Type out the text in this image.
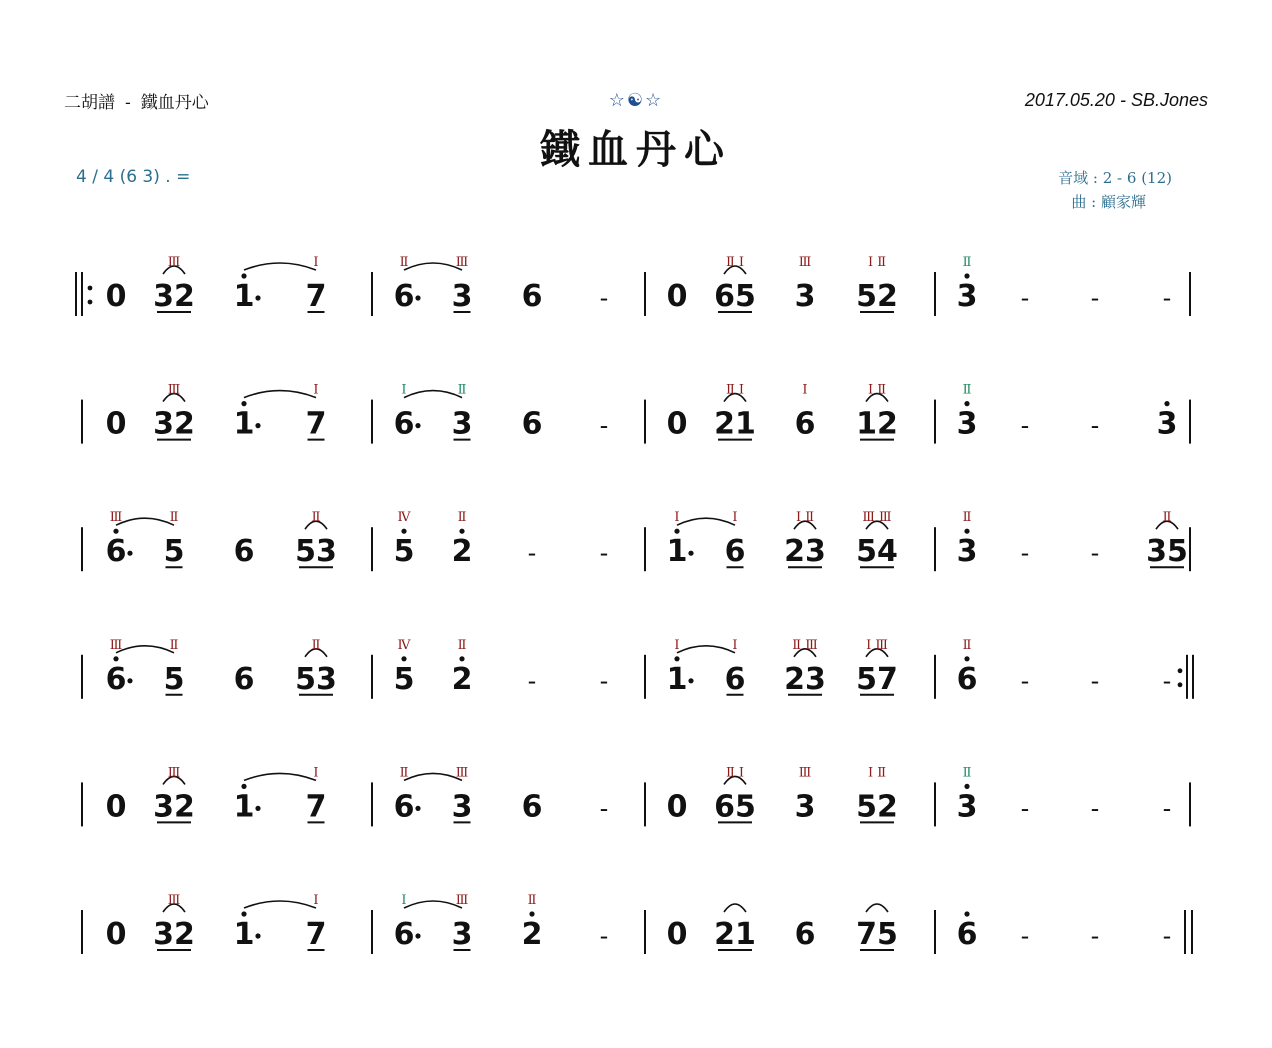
二胡譜 - 鐵血丹心	☆☯☆
鐵血丹心
2017.05.20 - SB.Jones
4 / 4 (6 3) . =	音域 : 2 - 6 (12)
曲 : 顧家輝
0 32
Ⅲ
1 7
Ⅰ
6
Ⅱ
3
Ⅲ
6 - 0 65
Ⅱ Ⅰ
3
Ⅲ
52
Ⅰ Ⅱ
3
Ⅱ
-	-	-
0 32
Ⅲ
1 7
Ⅰ
6
Ⅰ
3
Ⅱ
6 - 0 21
Ⅱ Ⅰ
6
Ⅰ
12
Ⅰ Ⅱ
3
Ⅱ
-	- 3
6
Ⅲ
5
Ⅱ
6 53
Ⅱ
5
Ⅳ
2
Ⅱ
-	- 1
Ⅰ
6
Ⅰ
23
Ⅰ Ⅱ
54
Ⅲ Ⅲ
3
Ⅱ
-	- 35
Ⅱ
6
Ⅲ
5
Ⅱ
6 53
Ⅱ
5
Ⅳ
2
Ⅱ
-	- 1
Ⅰ
6
Ⅰ
23
Ⅱ Ⅲ
57
Ⅰ Ⅲ
6
Ⅱ
-	-	-
0 32
Ⅲ
1 7
Ⅰ
6
Ⅱ
3
Ⅲ
6 - 0 65
Ⅱ Ⅰ
3
Ⅲ
52
Ⅰ Ⅱ
3
Ⅱ
-	-	-
0 32
Ⅲ
1 7
Ⅰ
6
Ⅰ
3
Ⅲ
2
Ⅱ
- 0 21 6 75 6 -	-	-
